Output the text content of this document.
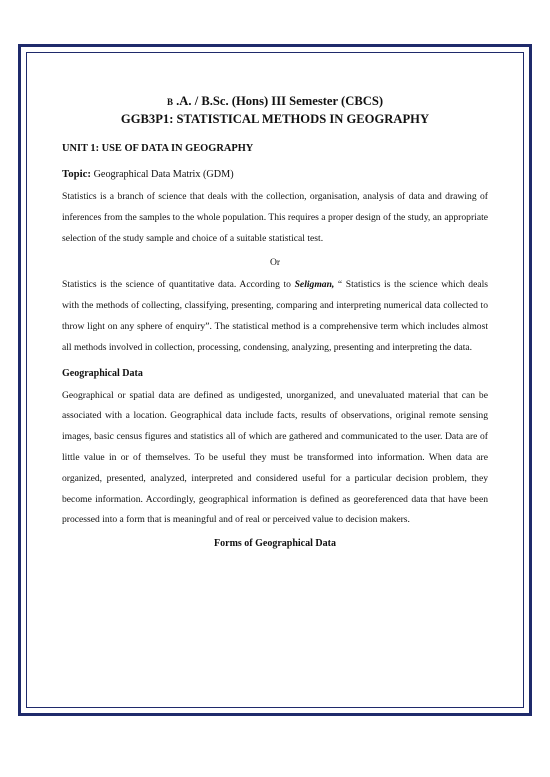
B .A. / B.Sc. (Hons) III Semester (CBCS)
GGB3P1: STATISTICAL METHODS IN GEOGRAPHY
UNIT 1: USE OF DATA IN GEOGRAPHY
Topic: Geographical Data Matrix (GDM)

Statistics is a branch of science that deals with the collection, organisation, analysis of data and drawing of inferences from the samples to the whole population. This requires a proper design of the study, an appropriate selection of the study sample and choice of a suitable statistical test.

Or

Statistics is the science of quantitative data. According to Seligman, “ Statistics is the science which deals with the methods of collecting, classifying, presenting, comparing and interpreting numerical data collected to throw light on any sphere of enquiry”. The statistical method is a comprehensive term which includes almost all methods involved in collection, processing, condensing, analyzing, presenting and interpreting the data.

Geographical Data

Geographical or spatial data are defined as undigested, unorganized, and unevaluated material that can be associated with a location. Geographical data include facts, results of observations, original remote sensing images, basic census figures and statistics all of which are gathered and communicated to the user. Data are of little value in or of themselves. To be useful they must be transformed into information. When data are organized, presented, analyzed, interpreted and considered useful for a particular decision problem, they become information. Accordingly, geographical information is defined as georeferenced data that have been processed into a form that is meaningful and of real or perceived value to decision makers.

Forms of Geographical Data
